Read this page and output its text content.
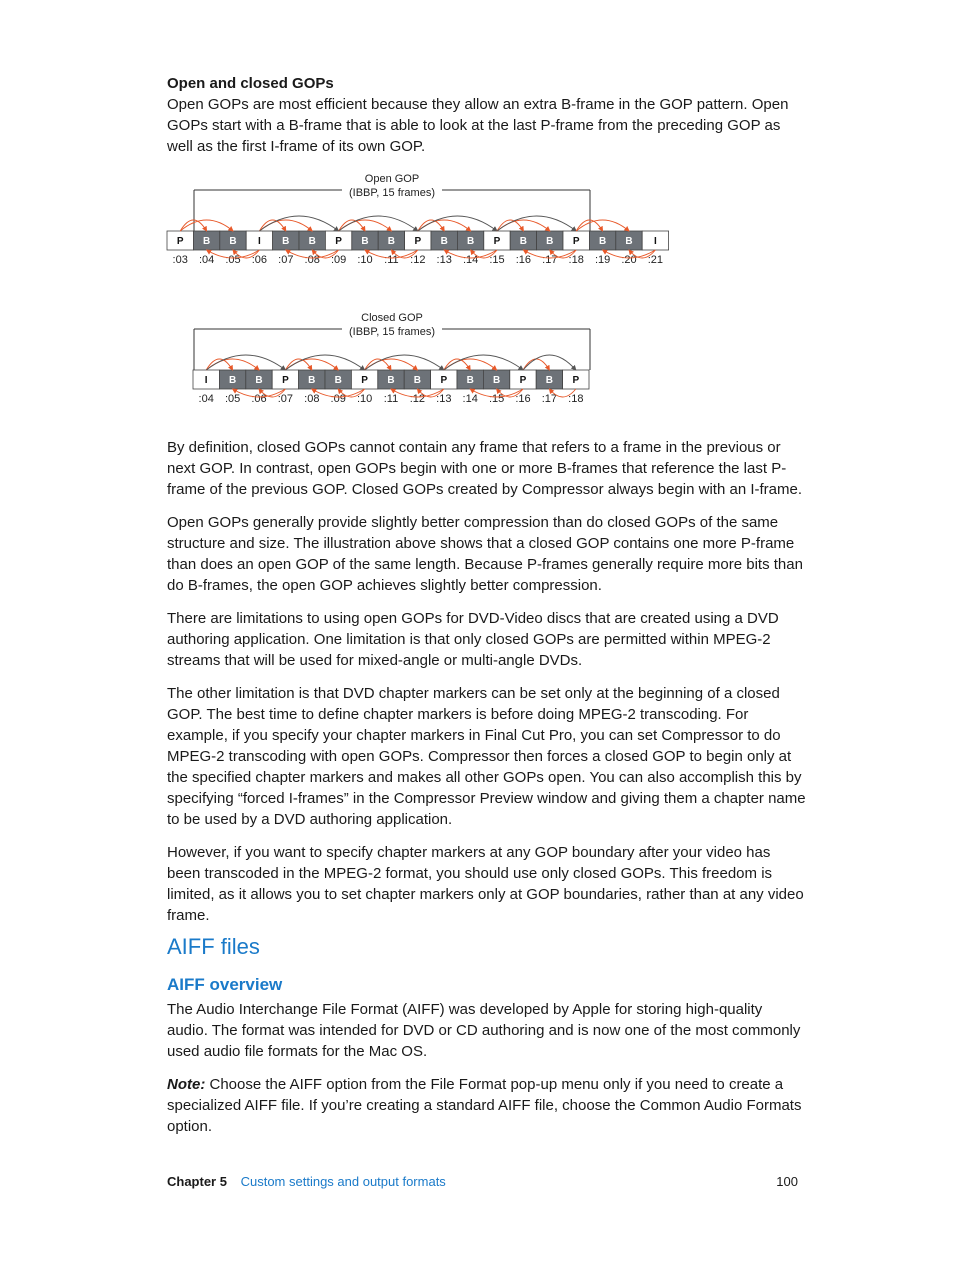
Open and closed GOPs

Open GOPs are most efficient because they allow an extra B-frame in the GOP pattern. Open GOPs start with a B-frame that is able to look at the last P-frame from the preceding GOP as well as the first I-frame of its own GOP.

Open GOP
(IBBP, 15 frames)
P B B I B B P B B P B B P B B P B B I
:03 :04 :05 :06 :07 :08 :09 :10 :11 :12 :13 :14 :15 :16 :17 :18 :19 :20 :21
Closed GOP
(IBBP, 15 frames)
I B B P B B P B B P B B P B P
:04 :05 :06 :07 :08 :09 :10 :11 :12 :13 :14 :15 :16 :17 :18

By definition, closed GOPs cannot contain any frame that refers to a frame in the previous or next GOP. In contrast, open GOPs begin with one or more B-frames that reference the last P-frame of the previous GOP. Closed GOPs created by Compressor always begin with an I-frame.

Open GOPs generally provide slightly better compression than do closed GOPs of the same structure and size. The illustration above shows that a closed GOP contains one more P-frame than does an open GOP of the same length. Because P-frames generally require more bits than do B-frames, the open GOP achieves slightly better compression.

There are limitations to using open GOPs for DVD-Video discs that are created using a DVD authoring application. One limitation is that only closed GOPs are permitted within MPEG-2 streams that will be used for mixed-angle or multi-angle DVDs.

The other limitation is that DVD chapter markers can be set only at the beginning of a closed GOP. The best time to define chapter markers is before doing MPEG-2 transcoding. For example, if you specify your chapter markers in Final Cut Pro, you can set Compressor to do MPEG-2 transcoding with open GOPs. Compressor then forces a closed GOP to begin only at the specified chapter markers and makes all other GOPs open. You can also accomplish this by specifying “forced I-frames” in the Compressor Preview window and giving them a chapter name to be used by a DVD authoring application.

However, if you want to specify chapter markers at any GOP boundary after your video has been transcoded in the MPEG-2 format, you should use only closed GOPs. This freedom is limited, as it allows you to set chapter markers only at GOP boundaries, rather than at any video frame.

AIFF files
AIFF overview

The Audio Interchange File Format (AIFF) was developed by Apple for storing high-quality audio. The format was intended for DVD or CD authoring and is now one of the most commonly used audio file formats for the Mac OS.

Note: Choose the AIFF option from the File Format pop-up menu only if you need to create a specialized AIFF file. If you’re creating a standard AIFF file, choose the Common Audio Formats option.

Chapter 5 Custom settings and output formats	100
